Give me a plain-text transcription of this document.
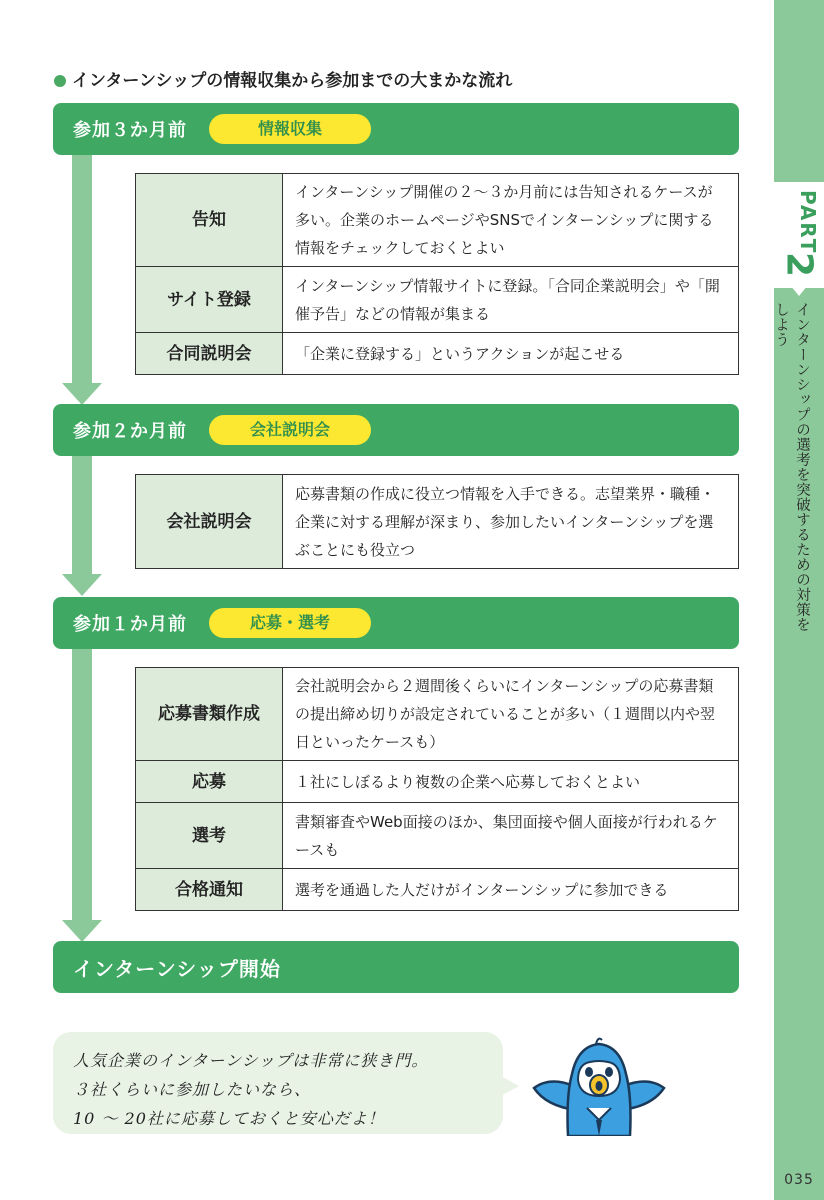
PART
2
インターンシップの選考を突破するための対策をしよう
035
インターンシップの情報収集から参加までの大まかな流れ
参加３か月前	情報収集
告知	インターンシップ開催の２～３か月前には告知されるケースが多い。企業のホームページやSNSでインターンシップに関する情報をチェックしておくとよい
サイト登録	インターンシップ情報サイトに登録。「合同企業説明会」や「開催予告」などの情報が集まる
合同説明会	「企業に登録する」というアクションが起こせる
参加２か月前	会社説明会
会社説明会	応募書類の作成に役立つ情報を入手できる。志望業界・職種・企業に対する理解が深まり、参加したいインターンシップを選ぶことにも役立つ
参加１か月前	応募・選考
応募書類作成	会社説明会から２週間後くらいにインターンシップの応募書類の提出締め切りが設定されていることが多い（１週間以内や翌日といったケースも）
応募	１社にしぼるより複数の企業へ応募しておくとよい
選考	書類審査やWeb面接のほか、集団面接や個人面接が行われるケースも
合格通知	選考を通過した人だけがインターンシップに参加できる
インターンシップ開始
人気企業のインターンシップは非常に狭き門。
３社くらいに参加したいなら、
10 ～ 20社に応募しておくと安心だよ！
